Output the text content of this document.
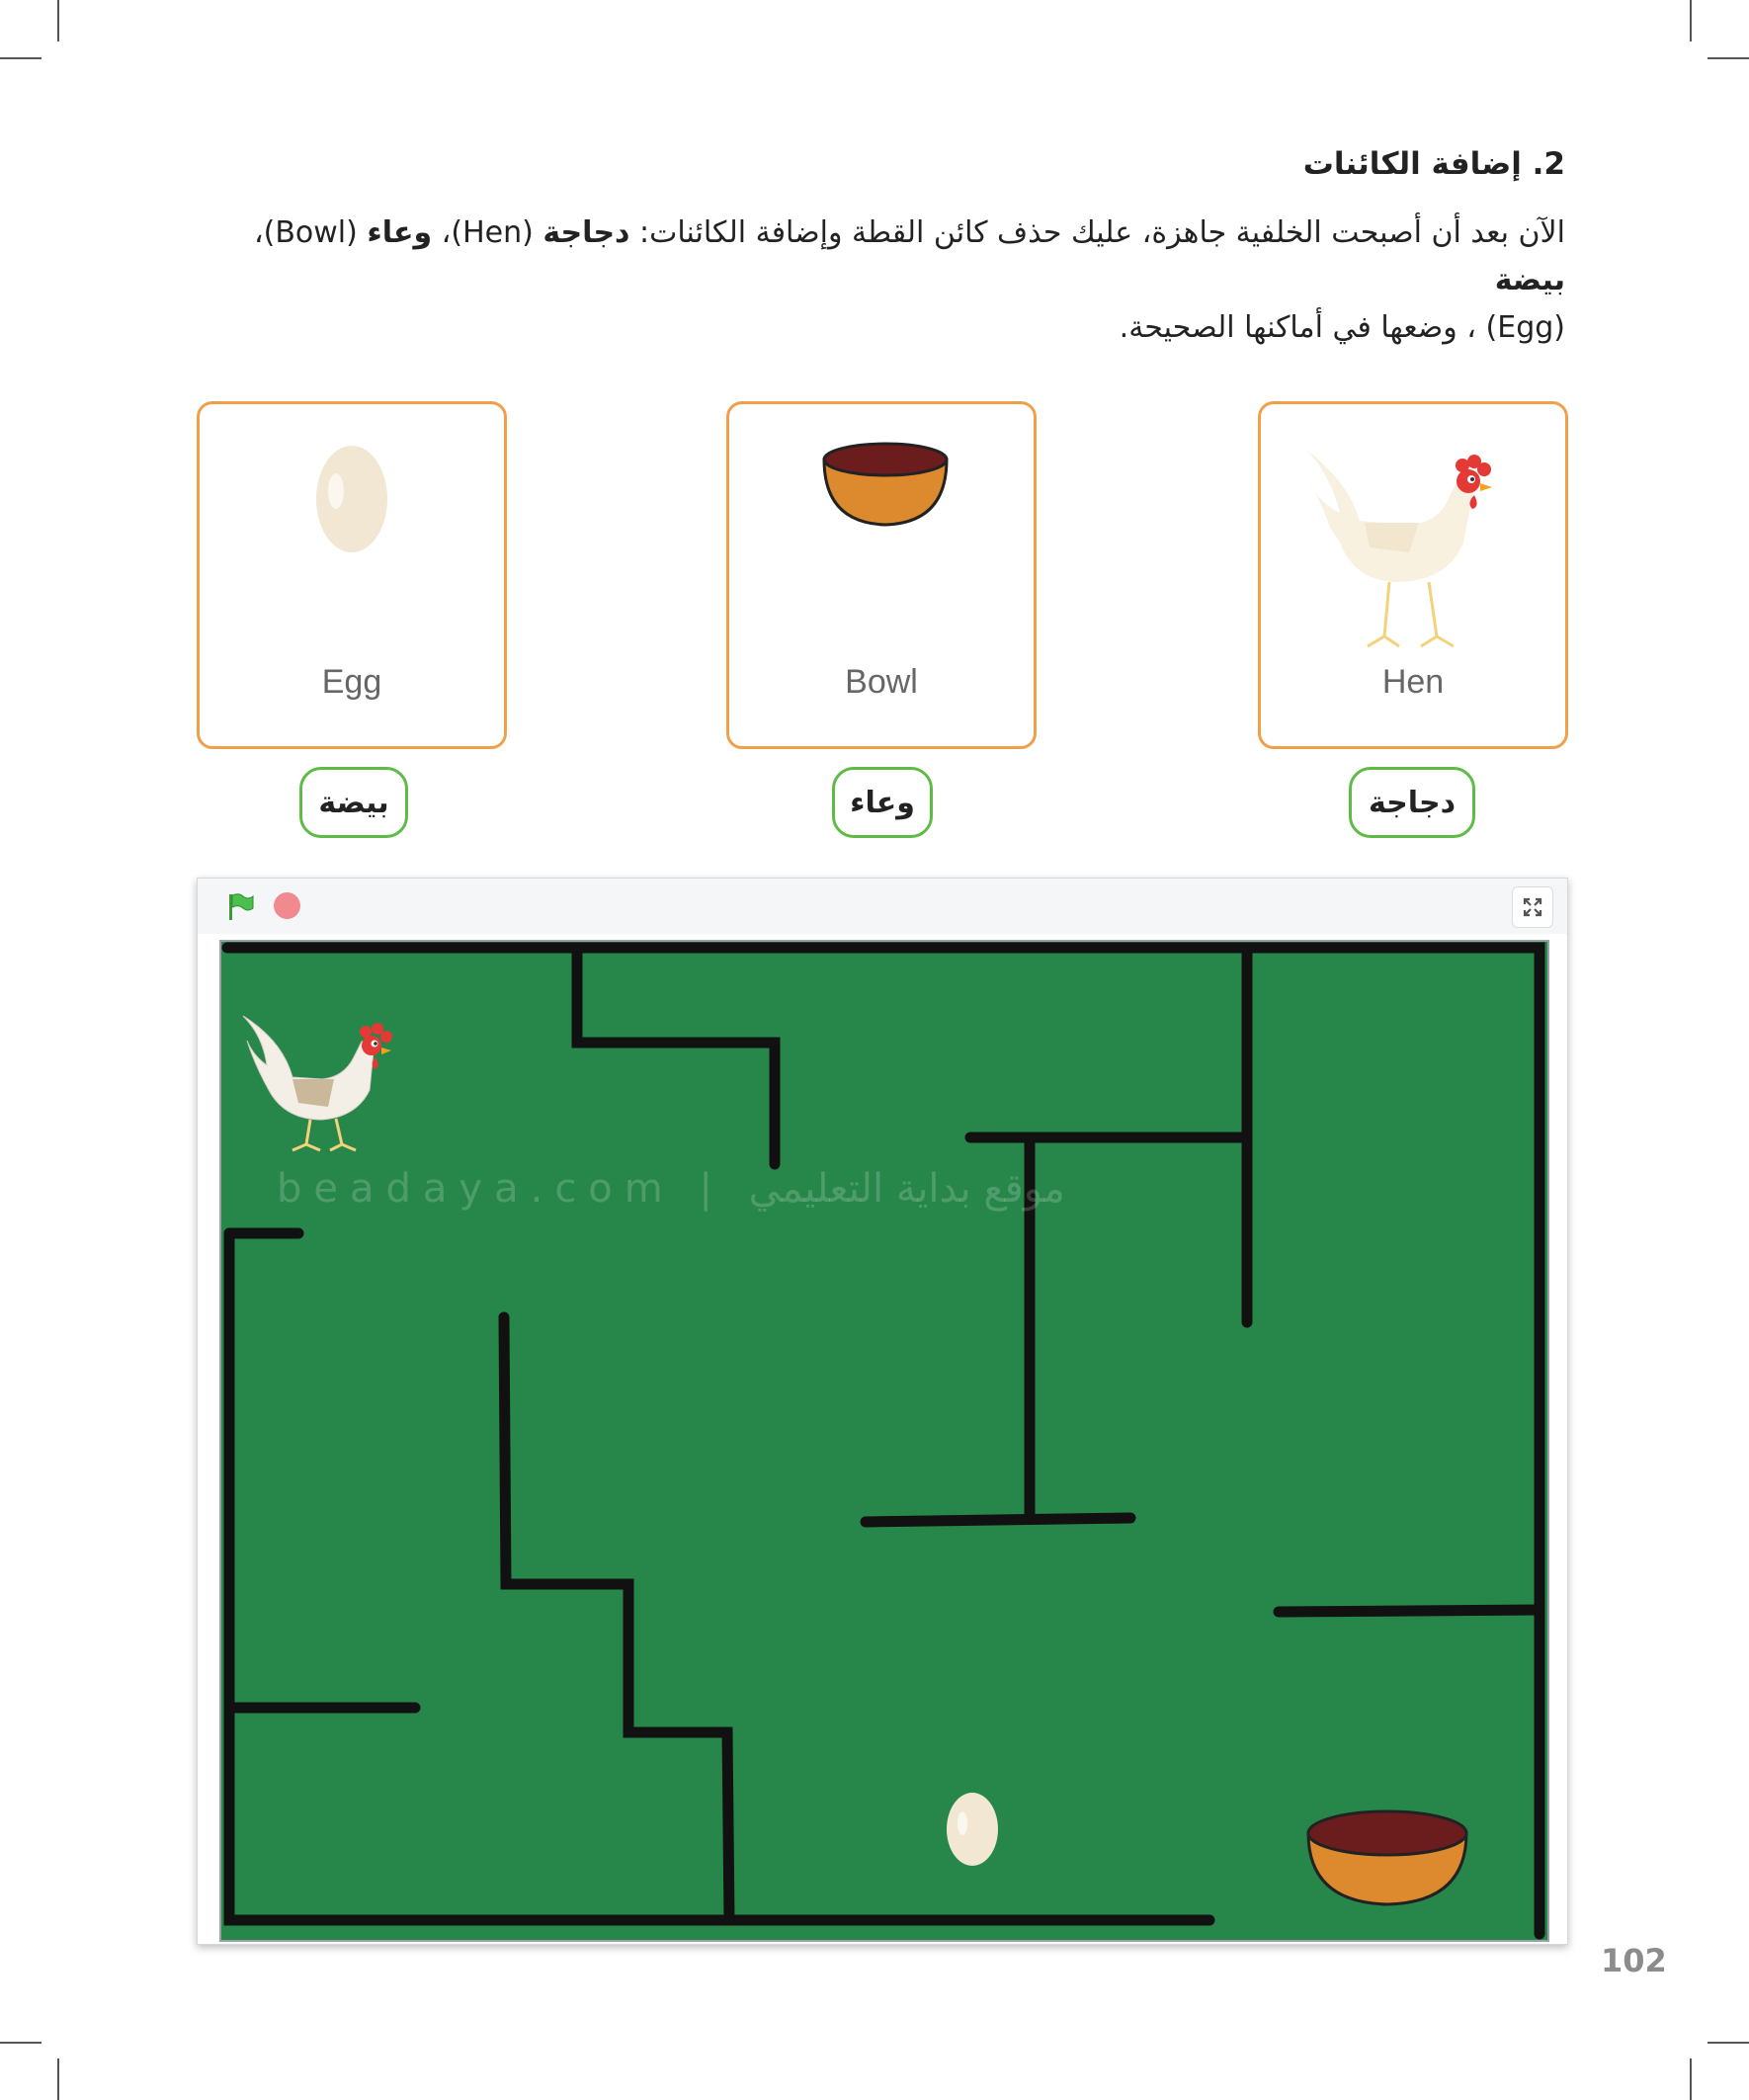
2. إضافة الكائنات
الآن بعد أن أصبحت الخلفية جاهزة، عليك حذف كائن القطة وإضافة الكائنات: دجاجة (Hen)، وعاء (Bowl)، بيضة
(Egg) ، وضعها في أماكنها الصحيحة.
Hen
Bowl
Egg
دجاجة
وعاء
بيضة
beadaya.com | موقع بداية التعليمي
102
